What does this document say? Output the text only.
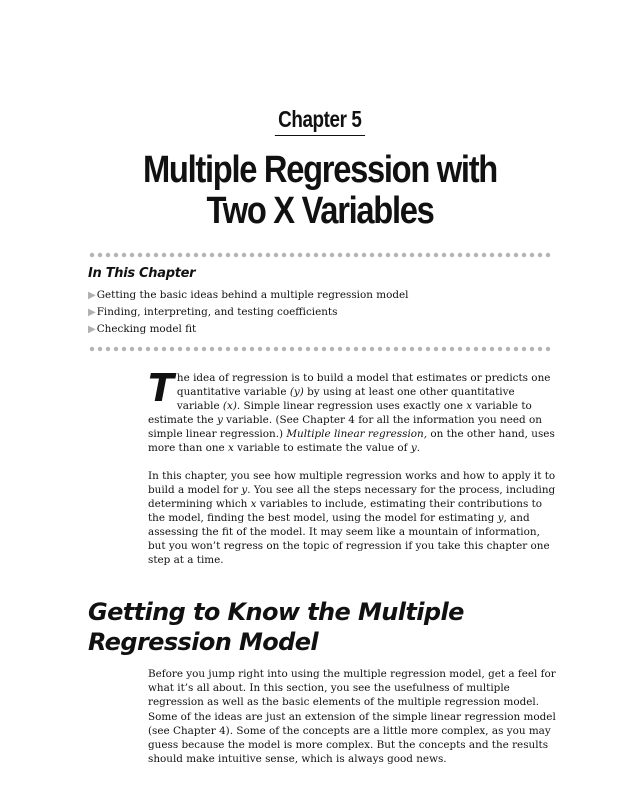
Chapter 5
Multiple Regression with
Two X Variables
In This Chapter
▶Getting the basic ideas behind a multiple regression model
▶Finding, interpreting, and testing coefficients
▶Checking model fit

The idea of regression is to build a model that estimates or predicts one quantitative variable (y) by using at least one other quantitative variable (x). Simple linear regression uses exactly one x variable to estimate the y variable. (See Chapter 4 for all the information you need on simple linear regression.) Multiple linear regression, on the other hand, uses more than one x variable to estimate the value of y.

In this chapter, you see how multiple regression works and how to apply it to build a model for y. You see all the steps necessary for the process, including determining which x variables to include, estimating their contributions to the model, finding the best model, using the model for estimating y, and assessing the fit of the model. It may seem like a mountain of information, but you won’t regress on the topic of regression if you take this chapter one step at a time.

Getting to Know the Multiple
Regression Model

Before you jump right into using the multiple regression model, get a feel for what it’s all about. In this section, you see the usefulness of multiple regression as well as the basic elements of the multiple regression model. Some of the ideas are just an extension of the simple linear regression model (see Chapter 4). Some of the concepts are a little more complex, as you may guess because the model is more complex. But the concepts and the results should make intuitive sense, which is always good news.
